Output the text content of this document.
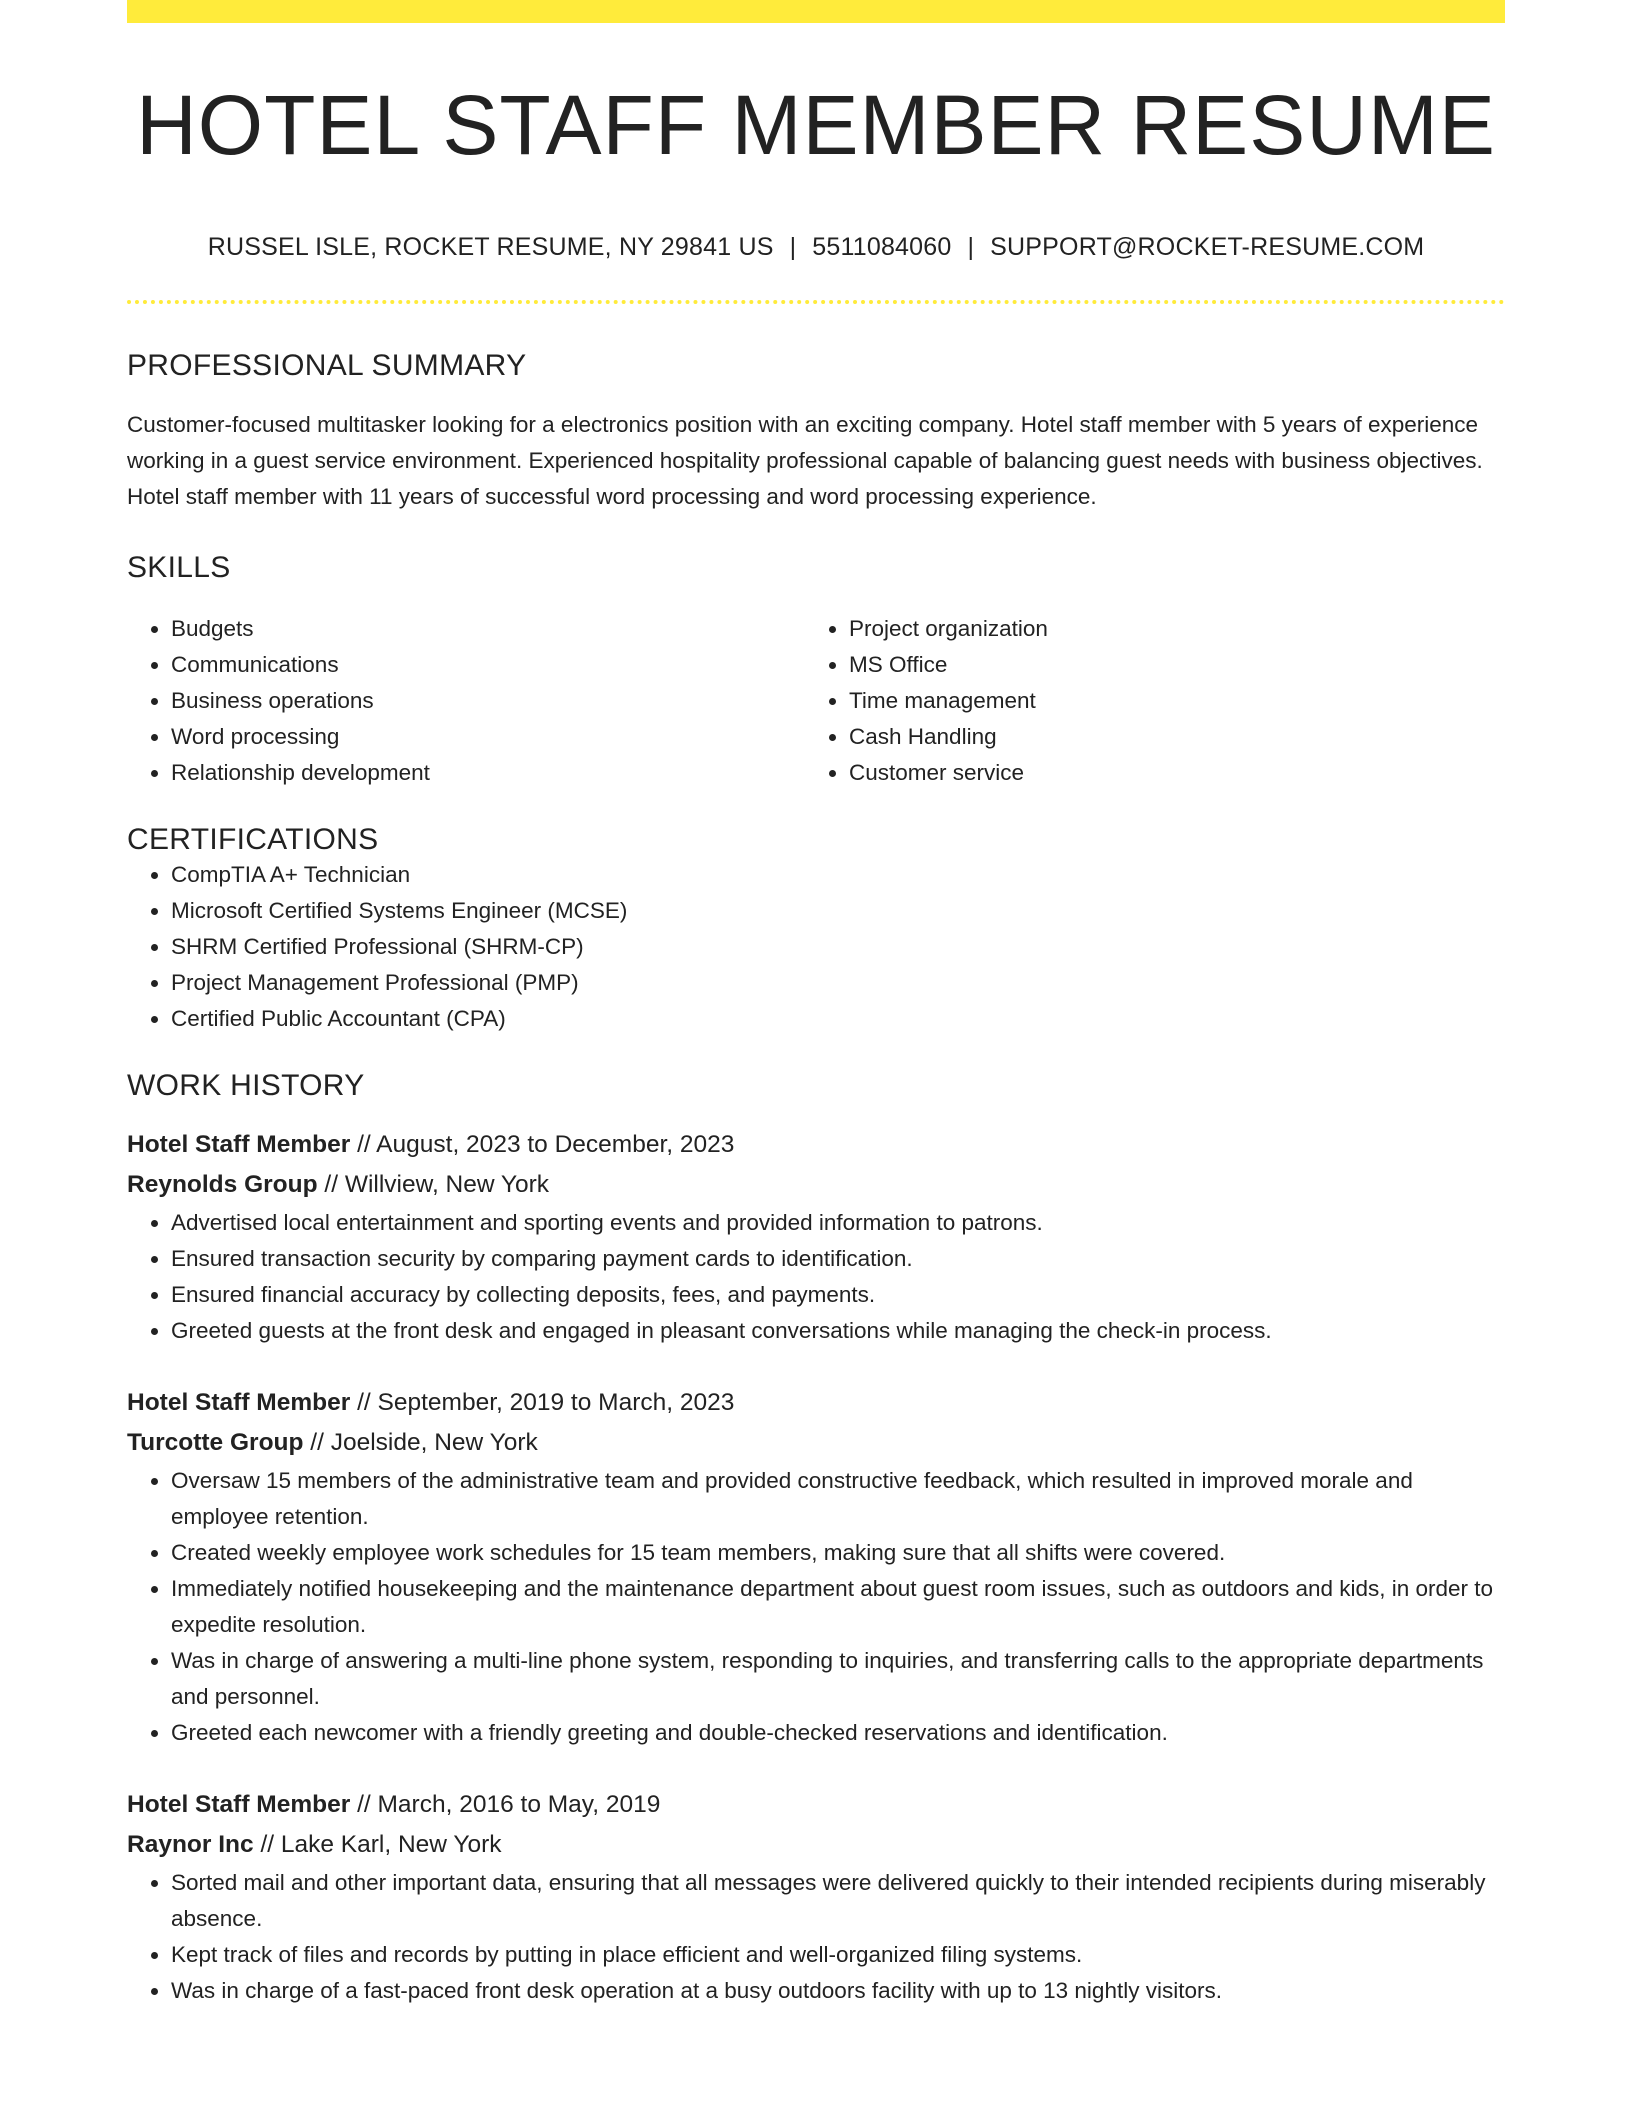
HOTEL STAFF MEMBER RESUME
RUSSEL ISLE, ROCKET RESUME, NY 29841 US | 5511084060 | SUPPORT@ROCKET-RESUME.COM
PROFESSIONAL SUMMARY
Customer-focused multitasker looking for a electronics position with an exciting company. Hotel staff member with 5 years of experience working in a guest service environment. Experienced hospitality professional capable of balancing guest needs with business objectives. Hotel staff member with 11 years of successful word processing and word processing experience.
SKILLS
• Budgets
• Communications
• Business operations
• Word processing
• Relationship development
• Project organization
• MS Office
• Time management
• Cash Handling
• Customer service
CERTIFICATIONS
• CompTIA A+ Technician
• Microsoft Certified Systems Engineer (MCSE)
• SHRM Certified Professional (SHRM-CP)
• Project Management Professional (PMP)
• Certified Public Accountant (CPA)
WORK HISTORY
Hotel Staff Member // August, 2023 to December, 2023
Reynolds Group // Willview, New York
• Advertised local entertainment and sporting events and provided information to patrons.
• Ensured transaction security by comparing payment cards to identification.
• Ensured financial accuracy by collecting deposits, fees, and payments.
• Greeted guests at the front desk and engaged in pleasant conversations while managing the check-in process.
Hotel Staff Member // September, 2019 to March, 2023
Turcotte Group // Joelside, New York
• Oversaw 15 members of the administrative team and provided constructive feedback, which resulted in improved morale and employee retention.
• Created weekly employee work schedules for 15 team members, making sure that all shifts were covered.
• Immediately notified housekeeping and the maintenance department about guest room issues, such as outdoors and kids, in order to expedite resolution.
• Was in charge of answering a multi-line phone system, responding to inquiries, and transferring calls to the appropriate departments and personnel.
• Greeted each newcomer with a friendly greeting and double-checked reservations and identification.
Hotel Staff Member // March, 2016 to May, 2019
Raynor Inc // Lake Karl, New York
• Sorted mail and other important data, ensuring that all messages were delivered quickly to their intended recipients during miserably absence.
• Kept track of files and records by putting in place efficient and well-organized filing systems.
• Was in charge of a fast-paced front desk operation at a busy outdoors facility with up to 13 nightly visitors.
